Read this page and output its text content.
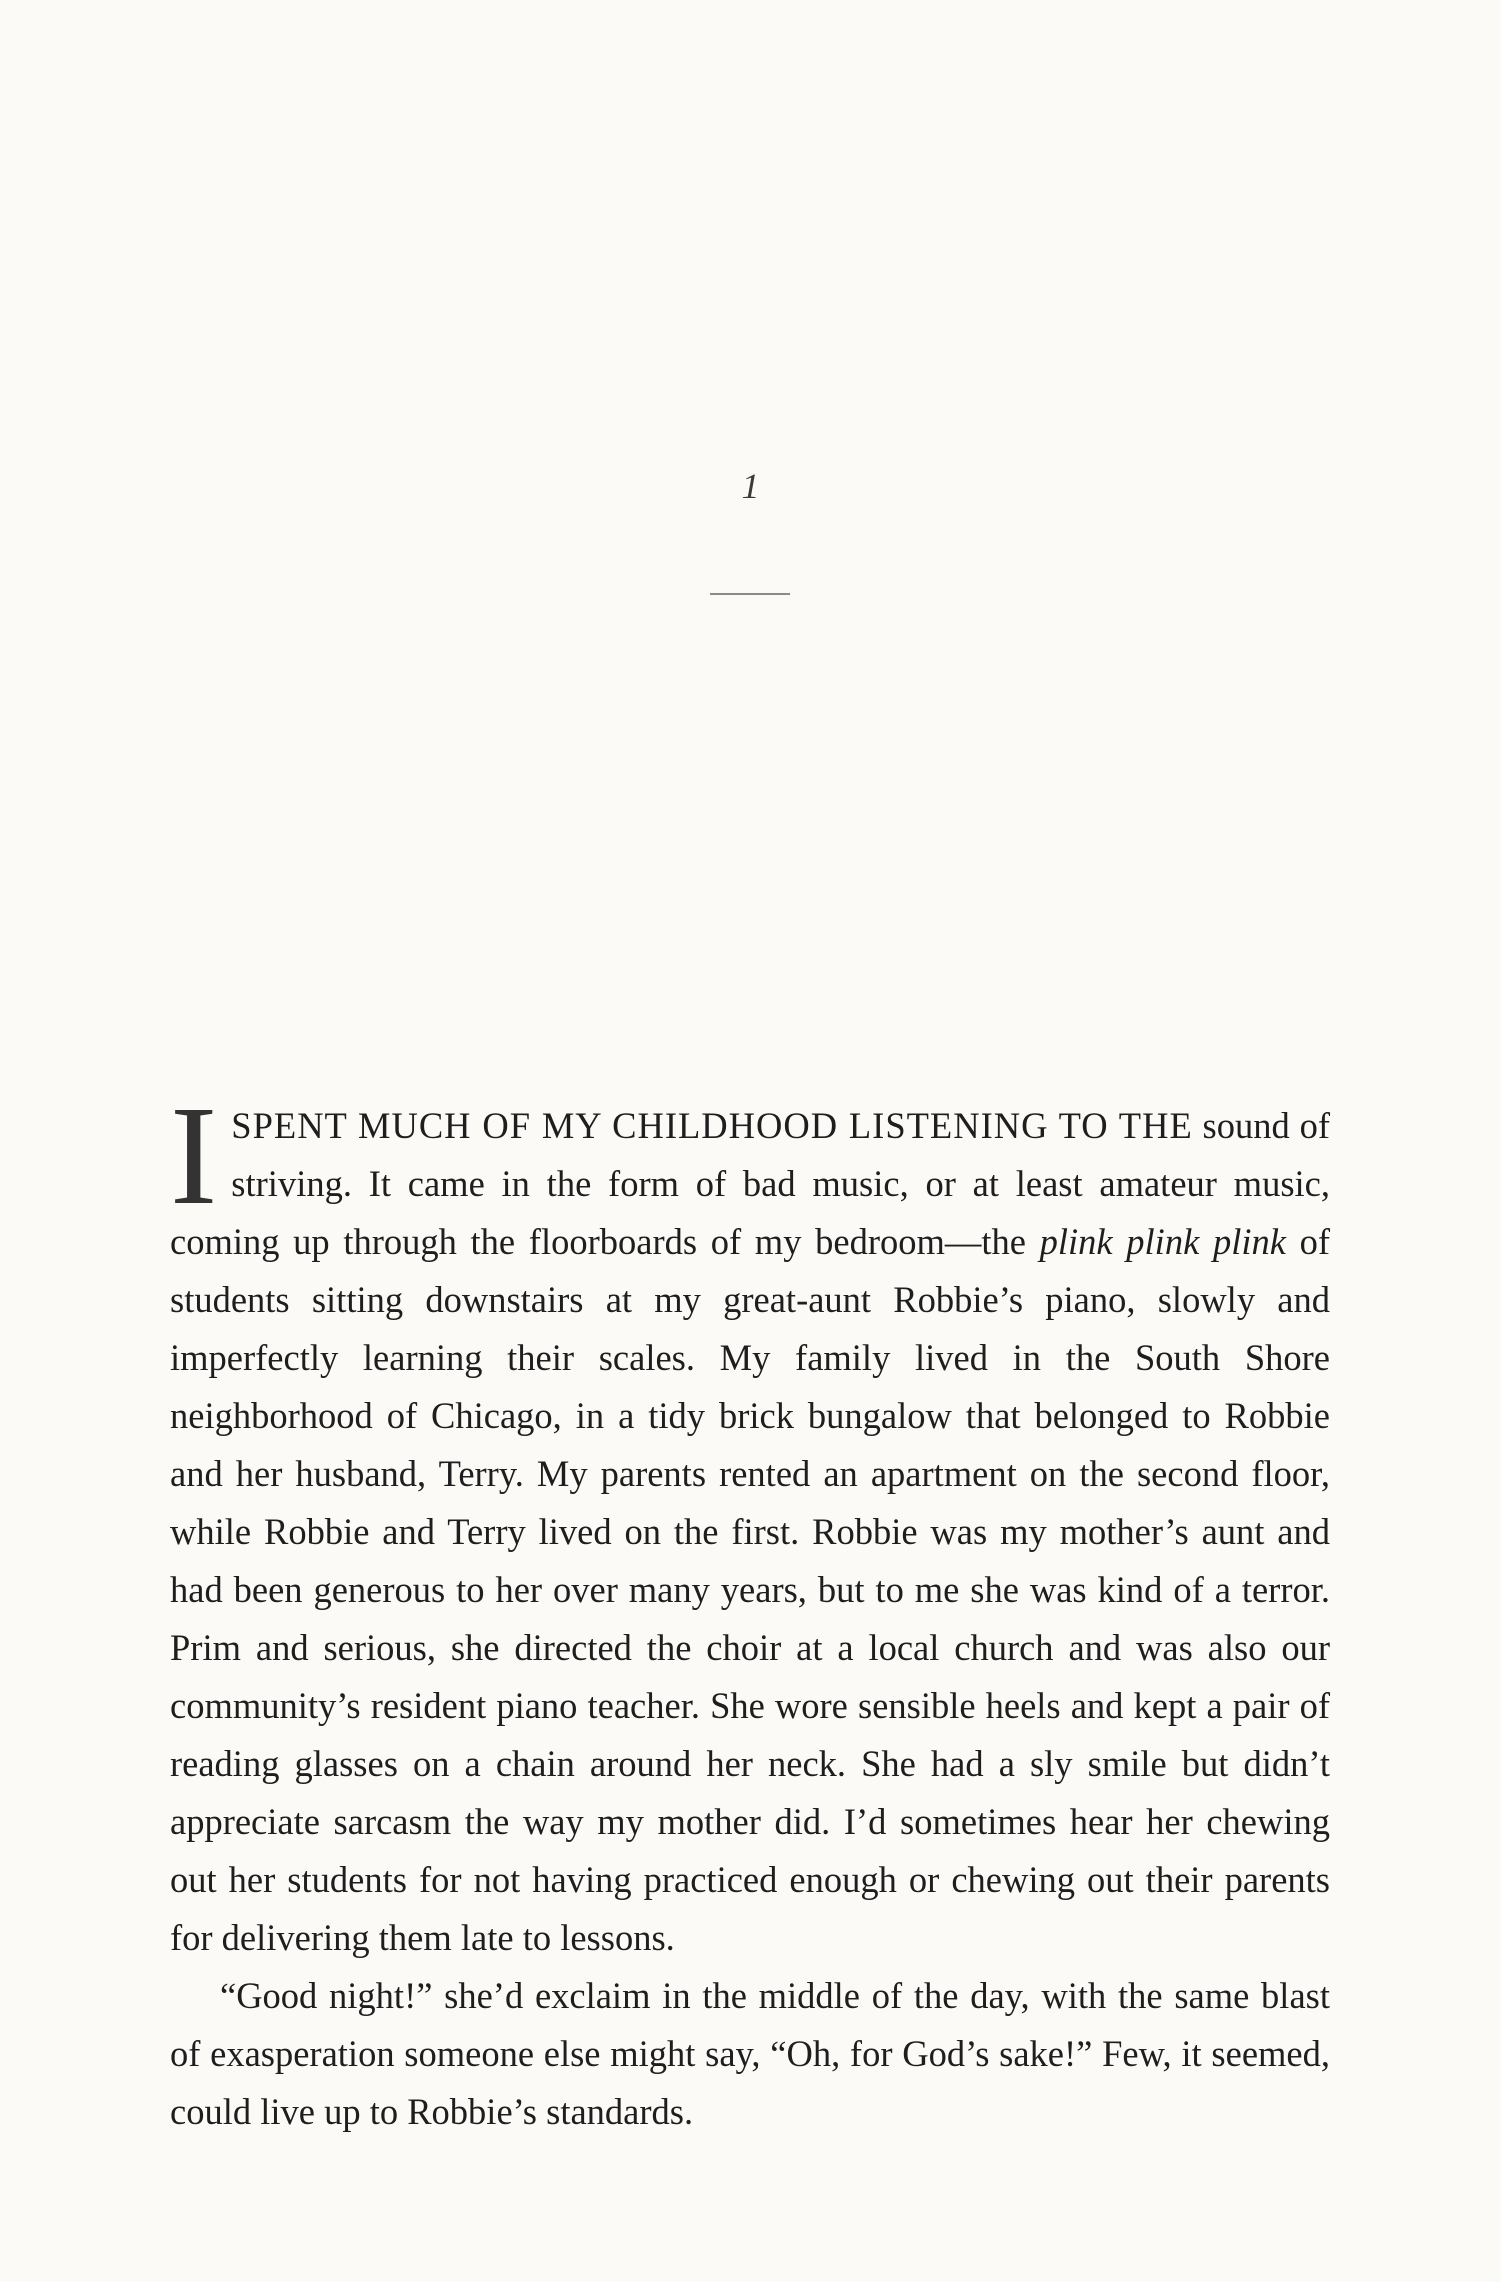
1

I SPENT MUCH OF MY CHILDHOOD LISTENING TO THE sound of striving. It came in the form of bad music, or at least amateur music, coming up through the floorboards of my bedroom—the plink plink plink of students sitting downstairs at my great-aunt Robbie’s piano, slowly and imperfectly learning their scales. My family lived in the South Shore neighborhood of Chicago, in a tidy brick bungalow that belonged to Robbie and her husband, Terry. My parents rented an apartment on the second floor, while Robbie and Terry lived on the first. Robbie was my mother’s aunt and had been generous to her over many years, but to me she was kind of a terror. Prim and serious, she directed the choir at a local church and was also our community’s resident piano teacher. She wore sensible heels and kept a pair of reading glasses on a chain around her neck. She had a sly smile but didn’t appreciate sarcasm the way my mother did. I’d sometimes hear her chewing out her students for not having practiced enough or chewing out their parents for delivering them late to lessons.

“Good night!” she’d exclaim in the middle of the day, with the same blast of exasperation someone else might say, “Oh, for God’s sake!” Few, it seemed, could live up to Robbie’s standards.
